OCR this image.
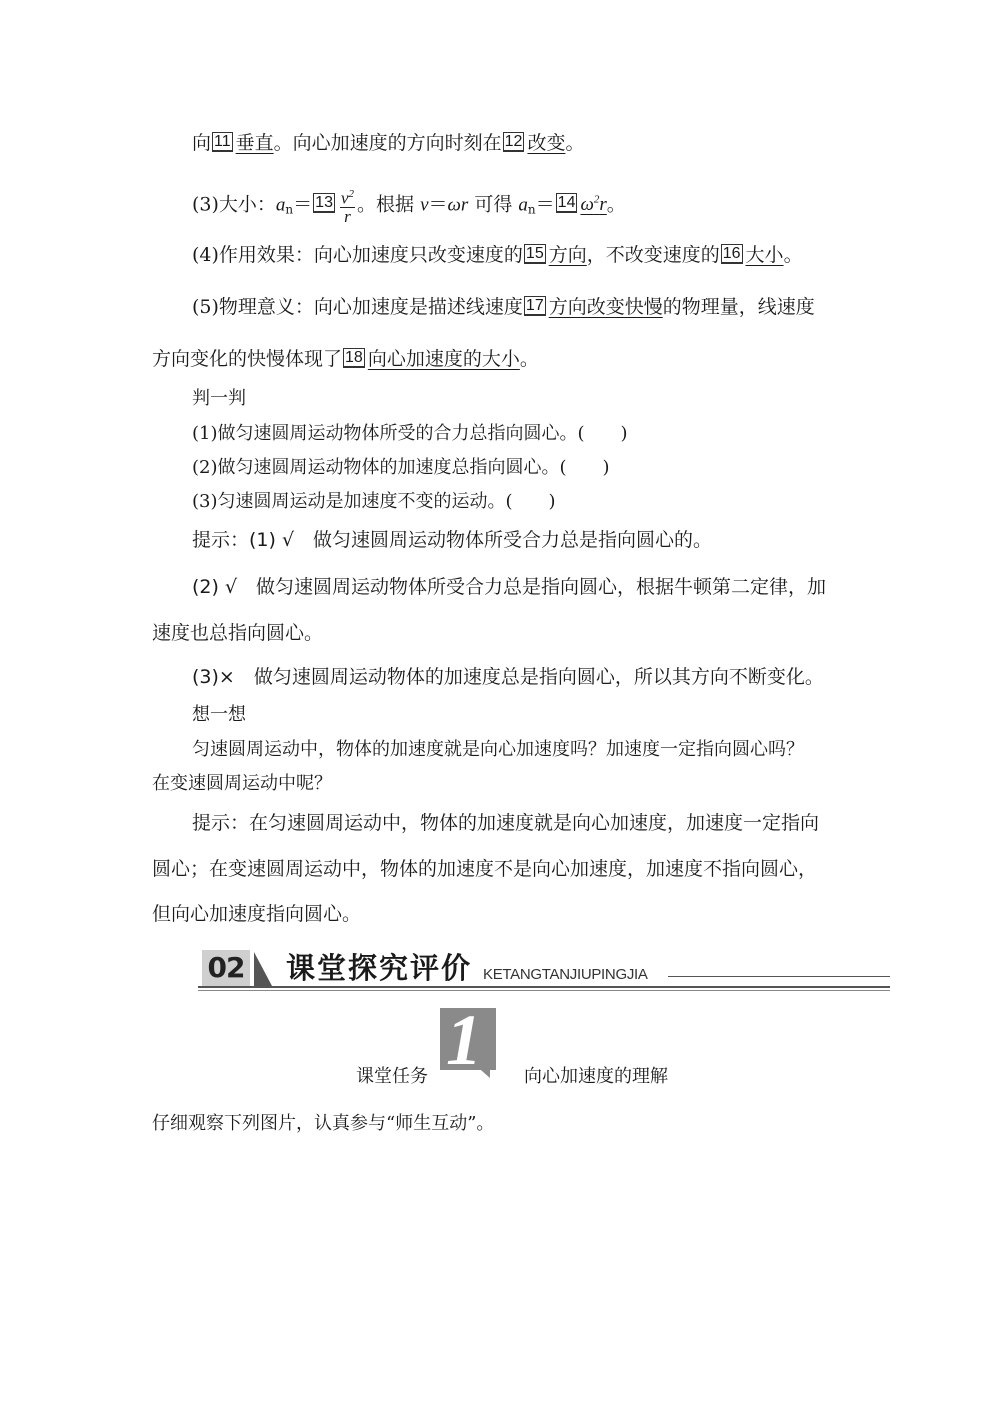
向 11 垂直。向心加速度的方向时刻在 12 改变。
(3)大小：$a_n= 13 \frac{v^2}{r}$ 。根据 v＝ωr 可得 $a_n= 14$ $\omega^2r$。
(4)作用效果：向心加速度只改变速度的 15 方向，不改变速度的 16 大小。
(5)物理意义：向心加速度是描述线速度 17 方向改变快慢的物理量，线速度
方向变化的快慢体现了 18 向心加速度的大小。
判一判
(1)做匀速圆周运动物体所受的合力总指向圆心。(　　)
(2)做匀速圆周运动物体的加速度总指向圆心。(　　)
(3)匀速圆周运动是加速度不变的运动。(　　)
提示：(1) √　做匀速圆周运动物体所受合力总是指向圆心的。
(2) √　做匀速圆周运动物体所受合力总是指向圆心，根据牛顿第二定律，加
速度也总指向圆心。
(3)×　做匀速圆周运动物体的加速度总是指向圆心，所以其方向不断变化。
想一想
匀速圆周运动中，物体的加速度就是向心加速度吗？加速度一定指向圆心吗？
在变速圆周运动中呢？
提示：在匀速圆周运动中，物体的加速度就是向心加速度，加速度一定指向
圆心；在变速圆周运动中，物体的加速度不是向心加速度，加速度不指向圆心，
但向心加速度指向圆心。
02 课堂探究评价 KETANGTANJIUPINGJIA
课堂任务 1 向心加速度的理解
仔细观察下列图片，认真参与“师生互动”。
